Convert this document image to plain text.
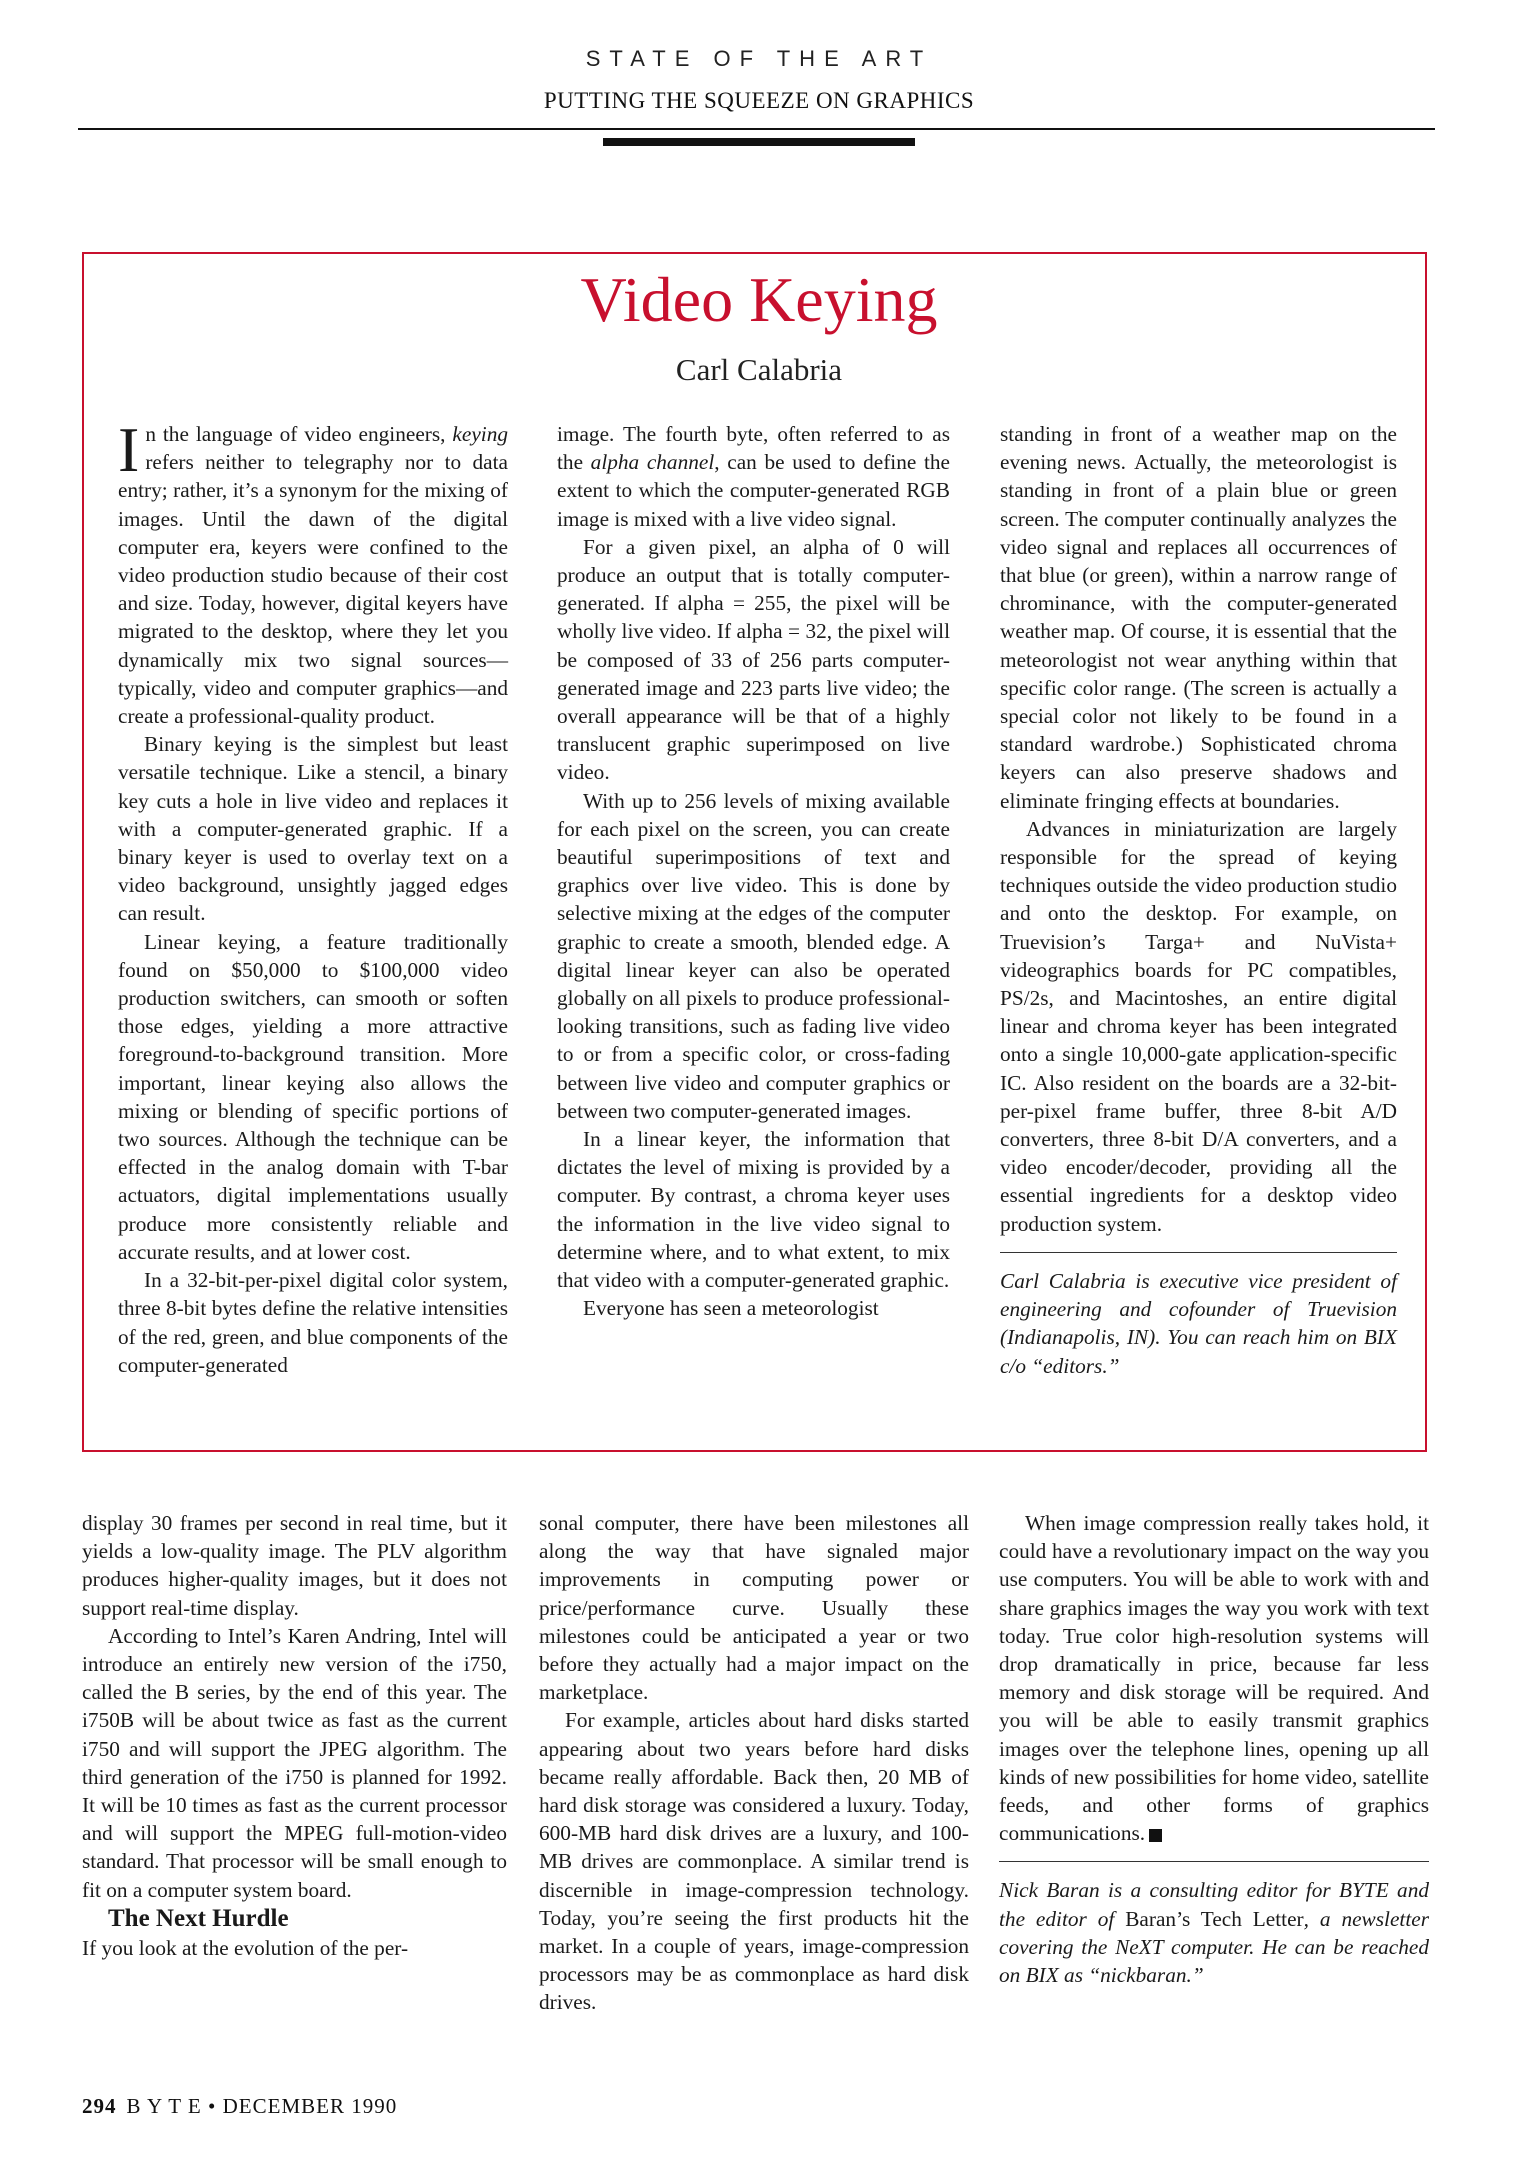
STATE OF THE ART
PUTTING THE SQUEEZE ON GRAPHICS
Video Keying
Carl Calabria

In the language of video engineers, keying refers neither to telegraphy nor to data entry; rather, it’s a synonym for the mixing of images. Until the dawn of the digital computer era, keyers were confined to the video production studio because of their cost and size. Today, however, digital keyers have migrated to the desktop, where they let you dynamically mix two signal sources—typically, video and computer graphics—and create a professional-quality product.

Binary keying is the simplest but least versatile technique. Like a stencil, a binary key cuts a hole in live video and replaces it with a computer-generated graphic. If a binary keyer is used to overlay text on a video background, unsightly jagged edges can result.

Linear keying, a feature traditionally found on $50,000 to $100,000 video production switchers, can smooth or soften those edges, yielding a more attractive foreground-to-background transition. More important, linear keying also allows the mixing or blending of specific portions of two sources. Although the technique can be effected in the analog domain with T-bar actuators, digital implementations usually produce more consistently reliable and accurate results, and at lower cost.

In a 32-bit-per-pixel digital color system, three 8-bit bytes define the relative intensities of the red, green, and blue components of the computer-generated

image. The fourth byte, often referred to as the alpha channel, can be used to define the extent to which the computer-generated RGB image is mixed with a live video signal.

For a given pixel, an alpha of 0 will produce an output that is totally computer-generated. If alpha = 255, the pixel will be wholly live video. If alpha = 32, the pixel will be composed of 33 of 256 parts computer-generated image and 223 parts live video; the overall appearance will be that of a highly translucent graphic superimposed on live video.

With up to 256 levels of mixing available for each pixel on the screen, you can create beautiful superimpositions of text and graphics over live video. This is done by selective mixing at the edges of the computer graphic to create a smooth, blended edge. A digital linear keyer can also be operated globally on all pixels to produce professional-looking transitions, such as fading live video to or from a specific color, or cross-fading between live video and computer graphics or between two computer-generated images.

In a linear keyer, the information that dictates the level of mixing is provided by a computer. By contrast, a chroma keyer uses the information in the live video signal to determine where, and to what extent, to mix that video with a computer-generated graphic.

Everyone has seen a meteorologist

standing in front of a weather map on the evening news. Actually, the meteorologist is standing in front of a plain blue or green screen. The computer continually analyzes the video signal and replaces all occurrences of that blue (or green), within a narrow range of chrominance, with the computer-generated weather map. Of course, it is essential that the meteorologist not wear anything within that specific color range. (The screen is actually a special color not likely to be found in a standard wardrobe.) Sophisticated chroma keyers can also preserve shadows and eliminate fringing effects at boundaries.

Advances in miniaturization are largely responsible for the spread of keying techniques outside the video production studio and onto the desktop. For example, on Truevision’s Targa+ and NuVista+ videographics boards for PC compatibles, PS/2s, and Macintoshes, an entire digital linear and chroma keyer has been integrated onto a single 10,000-gate application-specific IC. Also resident on the boards are a 32-bit-per-pixel frame buffer, three 8-bit A/D converters, three 8-bit D/A converters, and a video encoder/decoder, providing all the essential ingredients for a desktop video production system.

Carl Calabria is executive vice president of engineering and cofounder of Truevision (Indianapolis, IN). You can reach him on BIX c/o “editors.”

display 30 frames per second in real time, but it yields a low-quality image. The PLV algorithm produces higher-quality images, but it does not support real-time display.

According to Intel’s Karen Andring, Intel will introduce an entirely new version of the i750, called the B series, by the end of this year. The i750B will be about twice as fast as the current i750 and will support the JPEG algorithm. The third generation of the i750 is planned for 1992. It will be 10 times as fast as the current processor and will support the MPEG full-motion-video standard. That processor will be small enough to fit on a computer system board.

The Next Hurdle

If you look at the evolution of the per-

sonal computer, there have been milestones all along the way that have signaled major improvements in computing power or price/performance curve. Usually these milestones could be anticipated a year or two before they actually had a major impact on the marketplace.

For example, articles about hard disks started appearing about two years before hard disks became really affordable. Back then, 20 MB of hard disk storage was considered a luxury. Today, 600-MB hard disk drives are a luxury, and 100-MB drives are commonplace. A similar trend is discernible in image-compression technology. Today, you’re seeing the first products hit the market. In a couple of years, image-compression processors may be as commonplace as hard disk drives.

When image compression really takes hold, it could have a revolutionary impact on the way you use computers. You will be able to work with and share graphics images the way you work with text today. True color high-resolution systems will drop dramatically in price, because far less memory and disk storage will be required. And you will be able to easily transmit graphics images over the telephone lines, opening up all kinds of new possibilities for home video, satellite feeds, and other forms of graphics communications.

Nick Baran is a consulting editor for BYTE and the editor of Baran’s Tech Letter, a newsletter covering the NeXT computer. He can be reached on BIX as “nickbaran.”

294 B Y T E • DECEMBER 1990
